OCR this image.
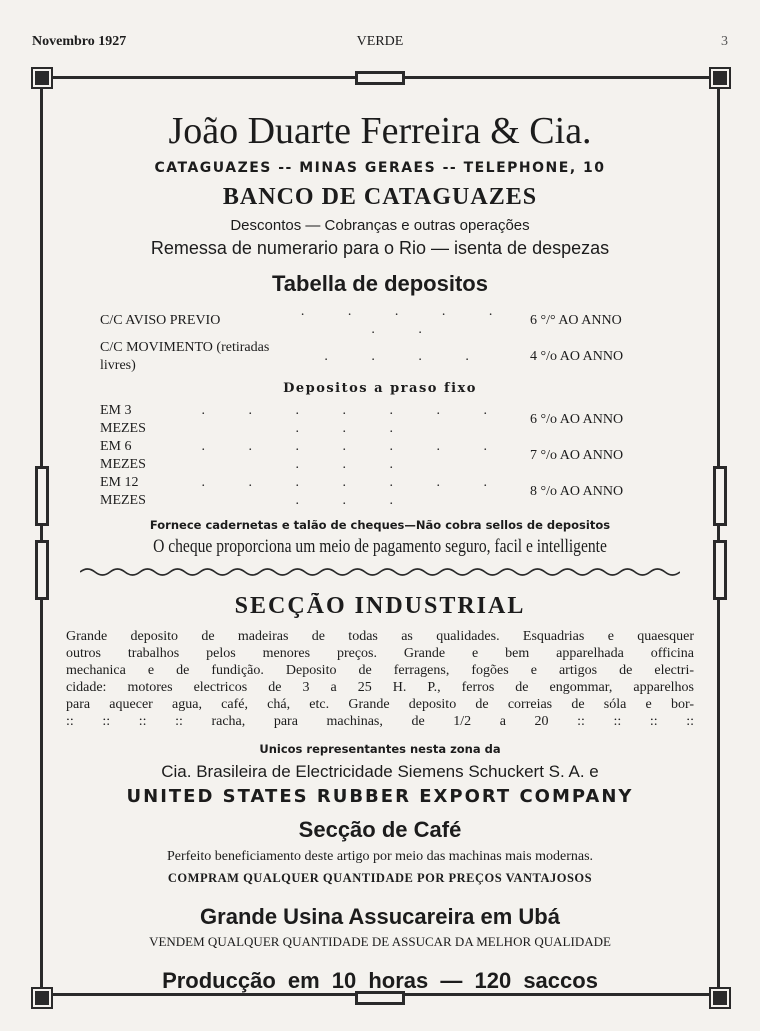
Novembro 1927	VERDE	3
João Duarte Ferreira & Cia.
CATAGUAZES -- MINAS GERAES -- TELEPHONE, 10
BANCO DE CATAGUAZES
Descontos — Cobranças e outras operações
Remessa de numerario para o Rio — isenta de despezas
Tabella de depositos
C/C AVISO PREVIO	. . . . . . .	6 °/° AO ANNO
C/C MOVIMENTO (retiradas livres)	. . . .	4 °/o AO ANNO
Depositos a praso fixo
EM 3 MEZES	. . . . . . . . . .	6 °/o AO ANNO
EM 6 MEZES	. . . . . . . . . .	7 °/o AO ANNO
EM 12 MEZES	. . . . . . . . . .	8 °/o AO ANNO
Fornece cadernetas e talão de cheques—Não cobra sellos de depositos
O cheque proporciona um meio de pagamento seguro, facil e intelligente
SECÇÃO INDUSTRIAL
Grande deposito de madeiras de todas as qualidades. Esquadrias e quaesquer
outros trabalhos pelos menores preços. Grande e bem apparelhada officina
mechanica e de fundição. Deposito de ferragens, fogões e artigos de electri-
cidade: motores electricos de 3 a 25 H. P., ferros de engommar, apparelhos
para aquecer agua, café, chá, etc. Grande deposito de correias de sóla e bor-
:: :: :: :: racha, para machinas, de 1/2 a 20 :: :: :: ::
Unicos representantes nesta zona da
Cia. Brasileira de Electricidade Siemens Schuckert S. A. e
UNITED STATES RUBBER EXPORT COMPANY
Secção de Café
Perfeito beneficiamento deste artigo por meio das machinas mais modernas.
COMPRAM QUALQUER QUANTIDADE POR PREÇOS VANTAJOSOS
Grande Usina Assucareira em Ubá
VENDEM QUALQUER QUANTIDADE DE ASSUCAR DA MELHOR QUALIDADE
Producção em 10 horas — 120 saccos
